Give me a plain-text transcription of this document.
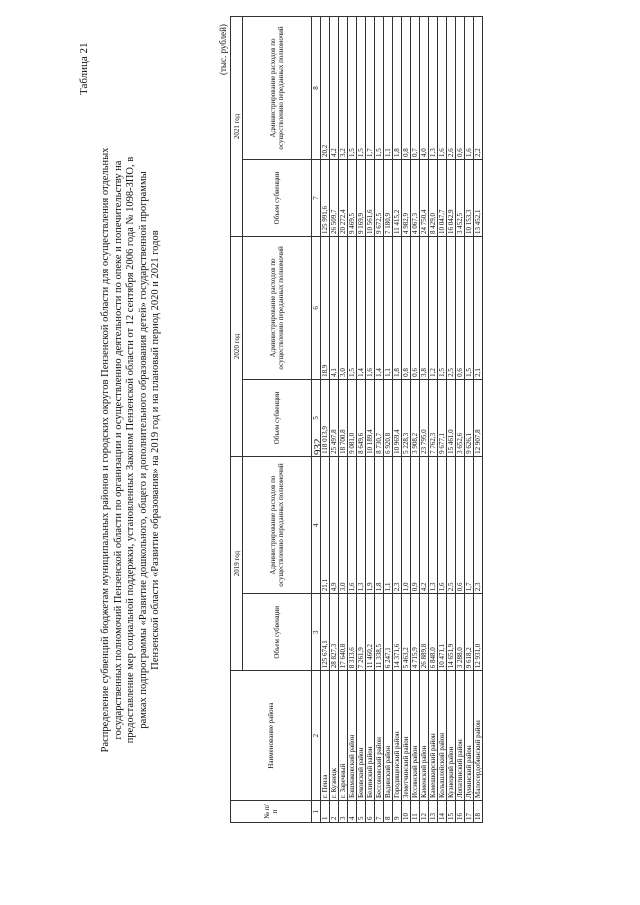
932
Таблица 21
Распределение субвенций бюджетам муниципальных районов и городских округов Пензенской области для осуществления отдельных государственных полномочий Пензенской области по организации и осуществлению деятельности по опеке и попечительству на предоставление мер социальной поддержки, установленных Законом Пензенской области от 12 сентября 2006 года № 1098-ЗПО, в рамках подпрограммы «Развитие дошкольного, общего и дополнительного образования детей» государственной программы Пензенской области «Развитие образования» на 2019 год и на плановый период 2020 и 2021 годов
(тыс. рублей)
№ п/п	Наименование района	2019 год		2020 год		2021 год	
		Объем субвенции	Администрирование расходов по осуществлению переданных полномочий	Объем субвенции	Администрирование расходов по осуществлению переданных полномочий	Объем субвенции	Администрирование расходов по осуществлению переданных полномочий
1	2	3	4	5	6	7	8
1	г. Пенза	125 674,1	21,1	118 013,9	18,9	125 991,6	20,2
2	г. Кузнецк	28 827,3	4,9	25 497,8	4,1	26 509,7	4,2
3	г. Заречный	17 640,8	3,0	18 700,8	3,0	20 272,4	3,2
4	Башмаковский район	8 313,6	1,6	9 081,0	1,5	9 469,5	1,5
5	Бековский район	7 261,9	1,3	8 649,6	1,4	9 169,9	1,5
6	Белинский район	11 460,2	1,9	10 189,4	1,6	10 561,6	1,7
7	Бессоновский район	11 338,5	1,8	8 730,7	1,4	9 672,5	1,5
8	Вадинский район	6 247,1	1,1	6 920,8	1,1	7 180,9	1,1
9	Городищенский район	14 371,6	2,3	10 969,4	1,8	11 415,2	1,8
10	Земетчинский район	5 463,2	1,0	5 228,3	0,8	4 982,9	0,8
11	Иссинский район	4 715,9	0,9	3 908,2	0,6	4 067,3	0,7
12	Каменский район	26 889,8	4,2	23 795,0	3,8	24 750,4	4,0
13	Камешкирский район	6 848,0	1,3	7 762,3	1,2	8 429,0	1,3
14	Колышлейский район	10 471,1	1,6	9 677,1	1,5	10 047,7	1,6
15	Кузнецкий район	14 651,9	2,5	15 461,0	2,5	16 042,9	2,6
16	Лопатинский район	3 288,0	0,6	3 652,6	0,6	3 452,5	0,6
17	Лунинский район	9 618,2	1,7	9 626,1	1,5	10 153,3	1,6
18	Малосердобинский район	12 931,0	2,3	12 907,8	2,1	13 452,1	2,2
